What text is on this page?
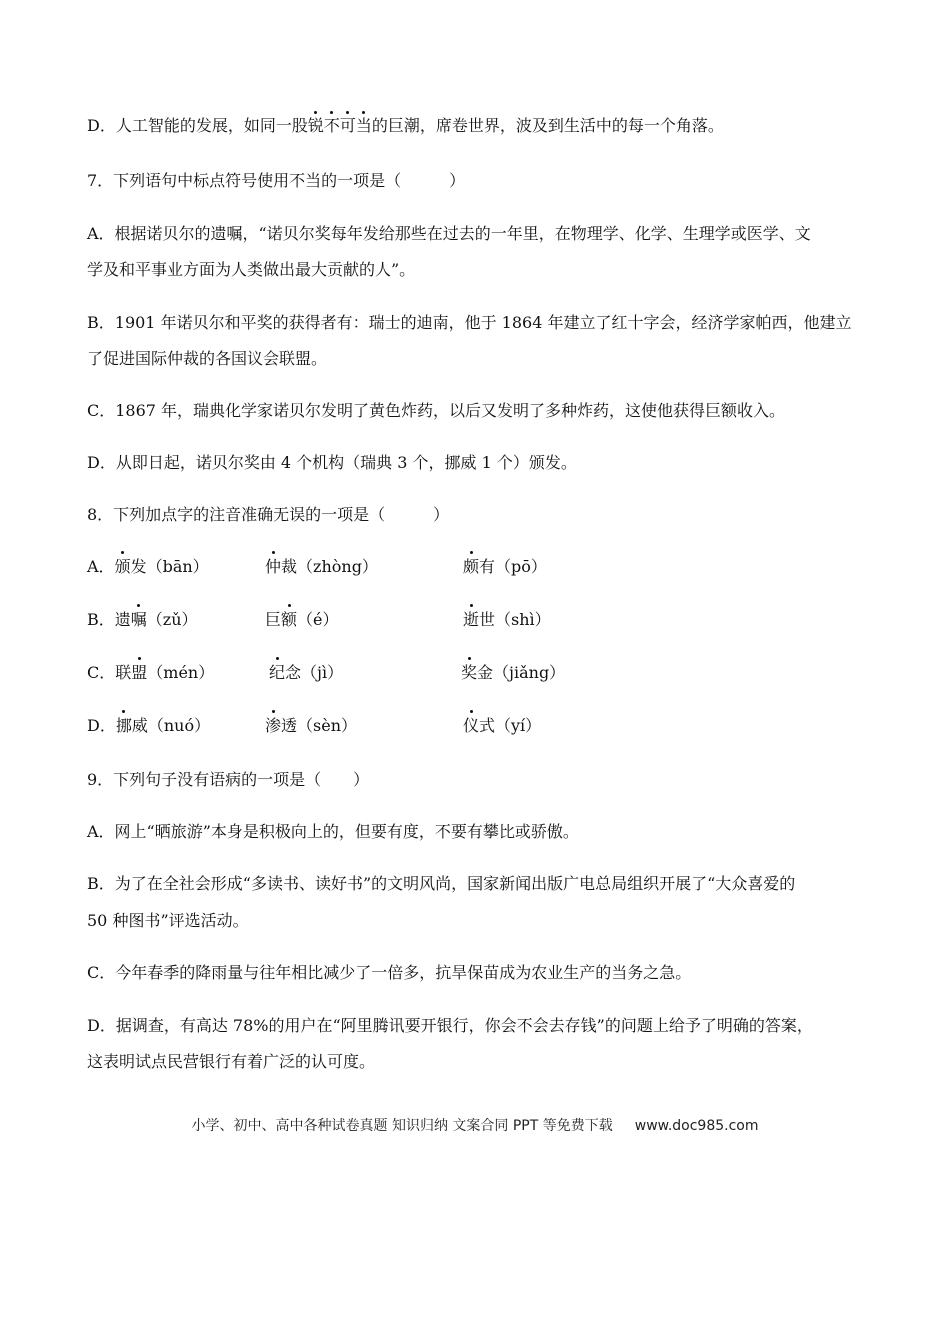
D．人工智能的发展，如同一股锐不可当的巨潮，席卷世界，波及到生活中的每一个角落。
7．下列语句中标点符号使用不当的一项是（　　　）
A．根据诺贝尔的遗嘱，“诺贝尔奖每年发给那些在过去的一年里，在物理学、化学、生理学或医学、文
学及和平事业方面为人类做出最大贡献的人”。
B．1901 年诺贝尔和平奖的获得者有：瑞士的迪南，他于 1864 年建立了红十字会，经济学家帕西，他建立
了促进国际仲裁的各国议会联盟。
C．1867 年，瑞典化学家诺贝尔发明了黄色炸药，以后又发明了多种炸药，这使他获得巨额收入。
D．从即日起，诺贝尔奖由 4 个机构（瑞典 3 个，挪威 1 个）颁发。
8．下列加点字的注音准确无误的一项是（　　　）
A．颁发（bān）	仲裁（zhòng）	颇有（pō）
B．遗嘱（zǔ）	巨额（é）	逝世（shì）
C．联盟（mén）	纪念（jì）	奖金（jiǎng）
D．挪威（nuó）	渗透（sèn）	仪式（yí）
9．下列句子没有语病的一项是（　　）
A．网上“晒旅游”本身是积极向上的，但要有度，不要有攀比或骄傲。
B．为了在全社会形成“多读书、读好书”的文明风尚，国家新闻出版广电总局组织开展了“大众喜爱的
50 种图书”评选活动。
C．今年春季的降雨量与往年相比减少了一倍多，抗旱保苗成为农业生产的当务之急。
D．据调查，有高达 78%的用户在“阿里腾讯要开银行，你会不会去存钱”的问题上给予了明确的答案，
这表明试点民营银行有着广泛的认可度。
小学、初中、高中各种试卷真题 知识归纳 文案合同 PPT 等免费下载 www.doc985.com
